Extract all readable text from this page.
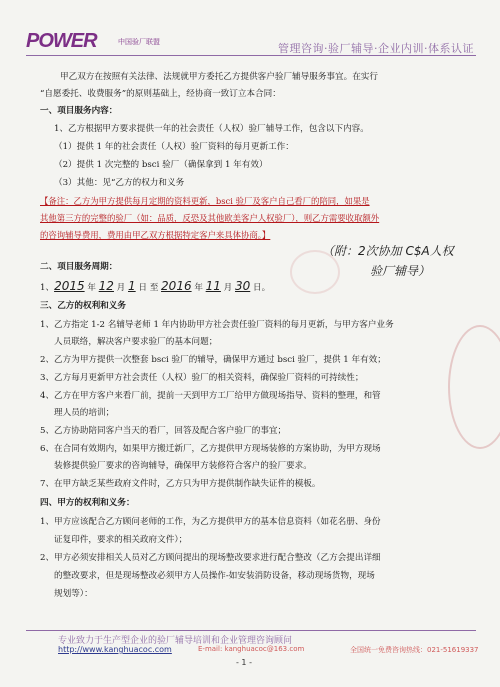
POWER	中国验厂联盟	管理咨询·验厂辅导·企业内训·体系认证
甲乙双方在按照有关法律、法规就甲方委托乙方提供客户验厂辅导服务事宜。在实行
“自愿委托、收费服务”的原则基础上，经协商一致订立本合同：
一、项目服务内容：
1、乙方根据甲方要求提供一年的社会责任（人权）验厂辅导工作，包含以下内容。
（1）提供 1 年的社会责任（人权）验厂资料的每月更新工作：
（2）提供 1 次完整的 bsci 验厂（确保拿到 1 年有效）
（3）其他：见“乙方的权力和义务
【备注：乙方为甲方提供每月定期的资料更新，bsci 验厂及客户自己看厂的陪同，如果是
其他第三方的完整的验厂（如：品质，反恐及其他欧美客户人权验厂），则乙方需要收取额外
的咨询辅导费用，费用由甲乙双方根据特定客户来具体协商。】
（附：2次协加 C$A人权
验厂辅导）
二、项目服务周期：
1、2015 年 12 月 1 日 至 2016 年 11 月 30 日。
三、乙方的权利和义务
1、乙方指定 1-2 名辅导老师 1 年内协助甲方社会责任验厂资料的每月更新，与甲方客户业务
人员联络，解决客户要求验厂的基本问题；
2、乙方为甲方提供一次整套 bsci 验厂的辅导，确保甲方通过 bsci 验厂，提供 1 年有效；
3、乙方每月更新甲方社会责任（人权）验厂的相关资料，确保验厂资料的可持续性；
4、乙方在甲方客户来看厂前，提前一天到甲方工厂给甲方做现场指导、资料的整理，和管
理人员的培训；
5、乙方协助陪同客户当天的看厂，回答及配合客户验厂的事宜；
6、在合同有效期内，如果甲方搬迁新厂，乙方提供甲方现场装修的方案协助，为甲方现场
装修提供验厂要求的咨询辅导，确保甲方装修符合客户的验厂要求。
7、在甲方缺乏某些政府文件时，乙方只为甲方提供制作缺失证件的模板。
四、甲方的权利和义务：
1、甲方应该配合乙方顾问老师的工作，为乙方提供甲方的基本信息资料（如花名册、身份
证复印件，要求的相关政府文件）；
2、甲方必须安排相关人员对乙方顾问提出的现场整改要求进行配合整改（乙方会提出详细
的整改要求，但是现场整改必须甲方人员操作-如安装消防设备，移动现场货物，现场
规划等）：
专业致力于生产型企业的验厂辅导培训和企业管理咨询顾问
http://www.kanghuacoc.com	E-mail: kanghuacoc@163.com	全国统一免费咨询热线：021-51619337
- 1 -
